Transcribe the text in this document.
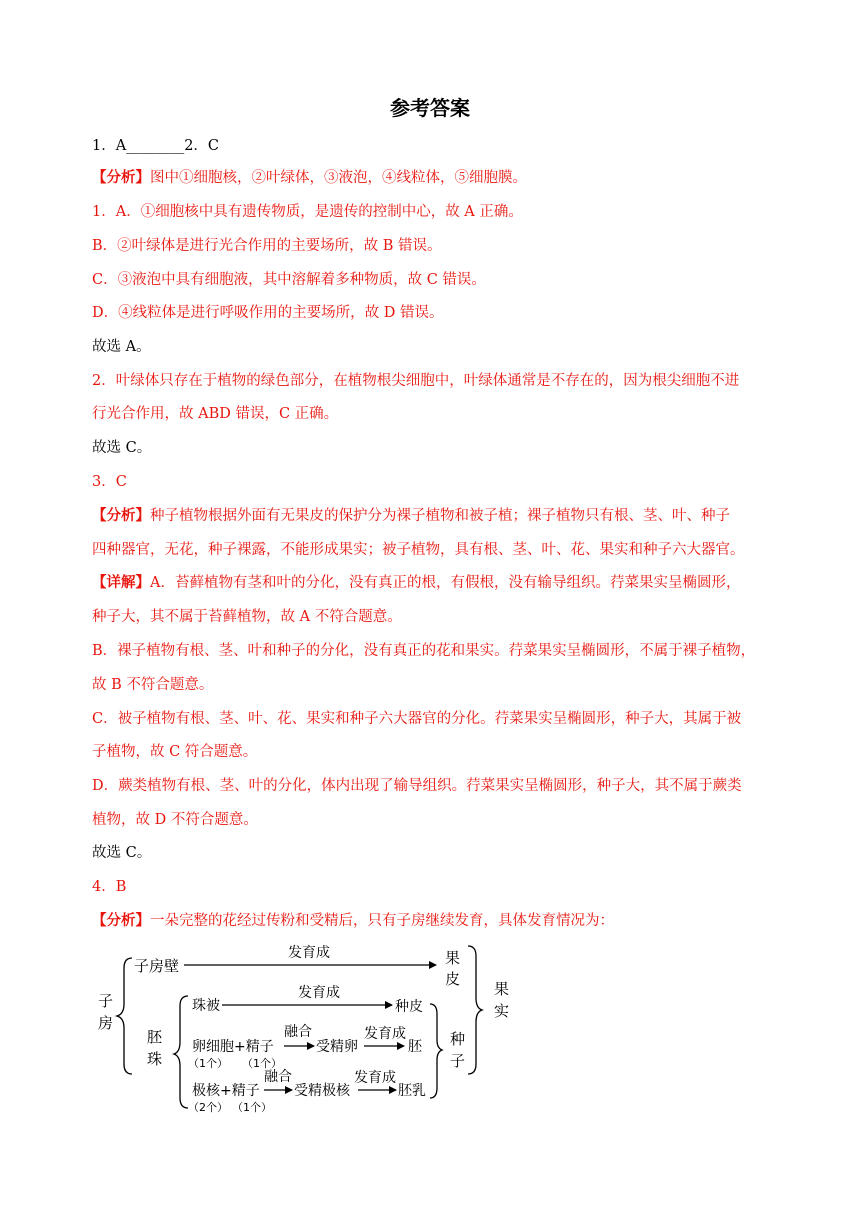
参考答案
1．A________2．C
【分析】图中①细胞核，②叶绿体，③液泡，④线粒体，⑤细胞膜。
1．A．①细胞核中具有遗传物质，是遗传的控制中心，故 A 正确。
B．②叶绿体是进行光合作用的主要场所，故 B 错误。
C．③液泡中具有细胞液，其中溶解着多种物质，故 C 错误。
D．④线粒体是进行呼吸作用的主要场所，故 D 错误。
故选 A。
2．叶绿体只存在于植物的绿色部分，在植物根尖细胞中，叶绿体通常是不存在的，因为根尖细胞不进
行光合作用，故 ABD 错误，C 正确。
故选 C。
3．C
【分析】种子植物根据外面有无果皮的保护分为裸子植物和被子植；裸子植物只有根、茎、叶、种子
四种器官，无花，种子裸露，不能形成果实；被子植物，具有根、茎、叶、花、果实和种子六大器官。
【详解】A．苔藓植物有茎和叶的分化，没有真正的根，有假根，没有输导组织。荇菜果实呈椭圆形，
种子大，其不属于苔藓植物，故 A 不符合题意。
B．裸子植物有根、茎、叶和种子的分化，没有真正的花和果实。荇菜果实呈椭圆形，不属于裸子植物，
故 B 不符合题意。
C．被子植物有根、茎、叶、花、果实和种子六大器官的分化。荇菜果实呈椭圆形，种子大，其属于被
子植物，故 C 符合题意。
D．蕨类植物有根、茎、叶的分化，体内出现了输导组织。荇菜果实呈椭圆形，种子大，其不属于蕨类
植物，故 D 不符合题意。
故选 C。
4．B
【分析】一朵完整的花经过传粉和受精后，只有子房继续发育，具体发育情况为：
子
房
子房壁
发育成	果
皮
果
实
胚
珠
珠被
发育成
种皮
卵细胞+精子
（1个） （1个）
融合
受精卵
发育成
胚 种
子
极核+精子
（2个） （1个）
融合
受精极核
发育成
胚乳
